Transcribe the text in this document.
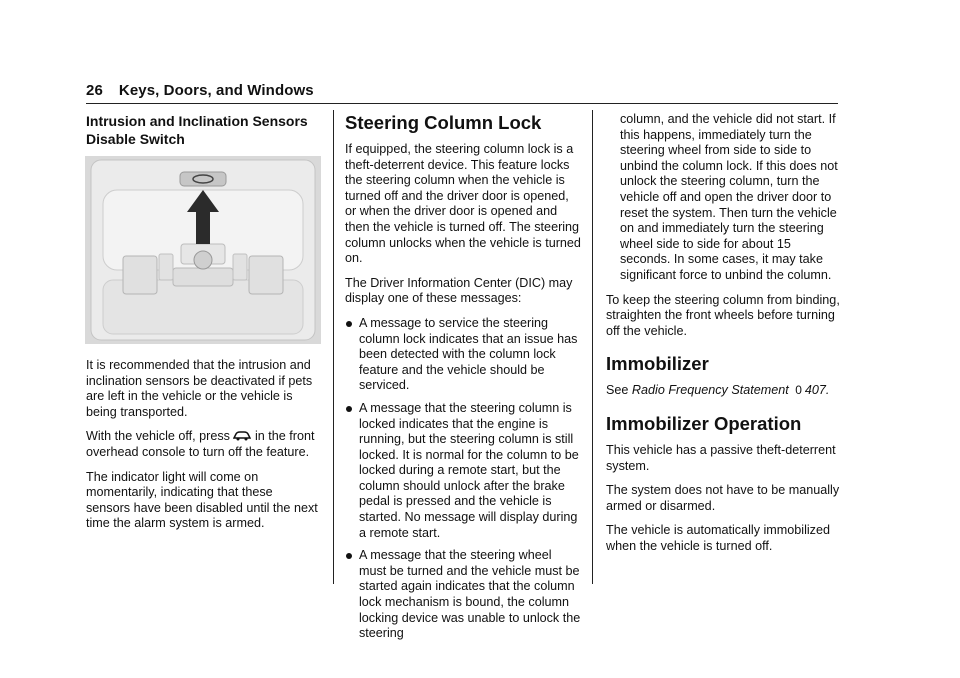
26 Keys, Doors, and Windows
Intrusion and Inclination Sensors Disable Switch

It is recommended that the intrusion and inclination sensors be deactivated if pets are left in the vehicle or the vehicle is being transported.

With the vehicle off, press in the front overhead console to turn off the feature.

The indicator light will come on momentarily, indicating that these sensors have been disabled until the next time the alarm system is armed.

Steering Column Lock

If equipped, the steering column lock is a theft-deterrent device. This feature locks the steering column when the vehicle is turned off and the driver door is opened, or when the driver door is opened and then the vehicle is turned off. The steering column unlocks when the vehicle is turned on.

The Driver Information Center (DIC) may display one of these messages:

A message to service the steering column lock indicates that an issue has been detected with the column lock feature and the vehicle should be serviced.
A message that the steering column is locked indicates that the engine is running, but the steering column is still locked. It is normal for the column to be locked during a remote start, but the column should unlock after the brake pedal is pressed and the vehicle is started. No message will display during a remote start.
A message that the steering wheel must be turned and the vehicle must be started again indicates that the column lock mechanism is bound, the column locking device was unable to unlock the steering

column, and the vehicle did not start. If this happens, immediately turn the steering wheel from side to side to unbind the column lock. If this does not unlock the steering column, turn the vehicle off and open the driver door to reset the system. Then turn the vehicle on and immediately turn the steering wheel side to side for about 15 seconds. In some cases, it may take significant force to unbind the column.

To keep the steering column from binding, straighten the front wheels before turning off the vehicle.

Immobilizer

See Radio Frequency Statement 0 407.

Immobilizer Operation

This vehicle has a passive theft-deterrent system.

The system does not have to be manually armed or disarmed.

The vehicle is automatically immobilized when the vehicle is turned off.
